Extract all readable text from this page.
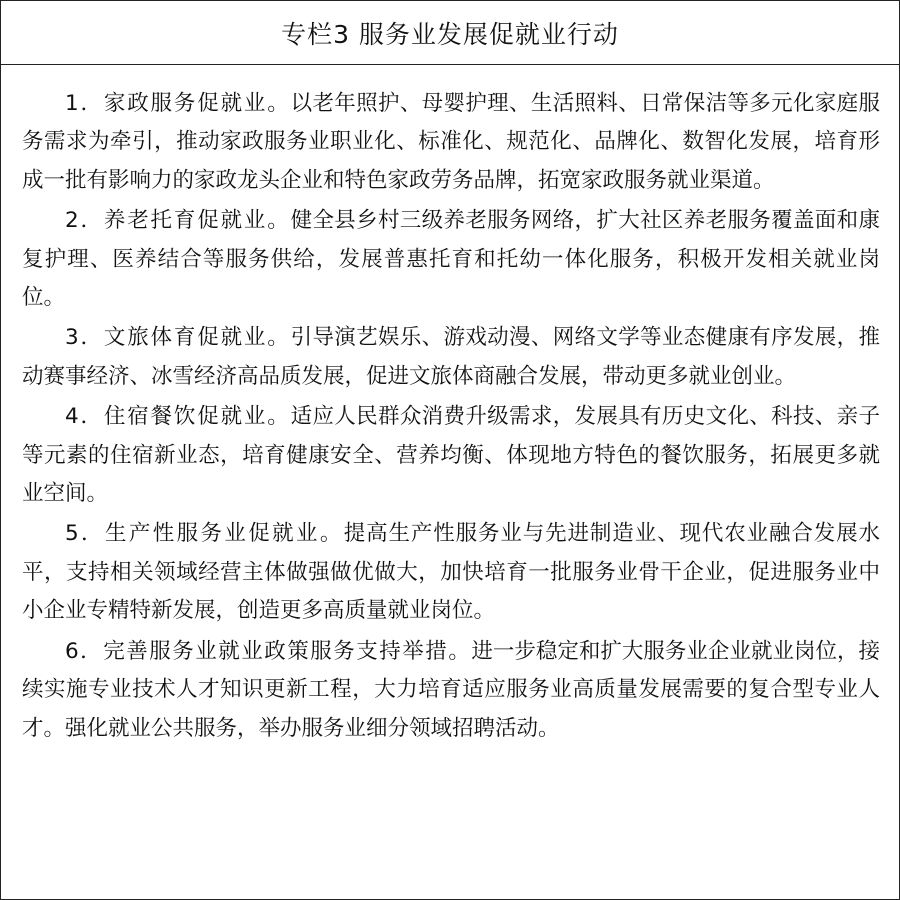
专栏3 服务业发展促就业行动

1．家政服务促就业。以老年照护、母婴护理、生活照料、日常保洁等多元化家庭服务需求为牵引，推动家政服务业职业化、标准化、规范化、品牌化、数智化发展，培育形成一批有影响力的家政龙头企业和特色家政劳务品牌，拓宽家政服务就业渠道。

2．养老托育促就业。健全县乡村三级养老服务网络，扩大社区养老服务覆盖面和康复护理、医养结合等服务供给，发展普惠托育和托幼一体化服务，积极开发相关就业岗位。

3．文旅体育促就业。引导演艺娱乐、游戏动漫、网络文学等业态健康有序发展，推动赛事经济、冰雪经济高品质发展，促进文旅体商融合发展，带动更多就业创业。

4．住宿餐饮促就业。适应人民群众消费升级需求，发展具有历史文化、科技、亲子等元素的住宿新业态，培育健康安全、营养均衡、体现地方特色的餐饮服务，拓展更多就业空间。

5．生产性服务业促就业。提高生产性服务业与先进制造业、现代农业融合发展水平，支持相关领域经营主体做强做优做大，加快培育一批服务业骨干企业，促进服务业中小企业专精特新发展，创造更多高质量就业岗位。

6．完善服务业就业政策服务支持举措。进一步稳定和扩大服务业企业就业岗位，接续实施专业技术人才知识更新工程，大力培育适应服务业高质量发展需要的复合型专业人才。强化就业公共服务，举办服务业细分领域招聘活动。
